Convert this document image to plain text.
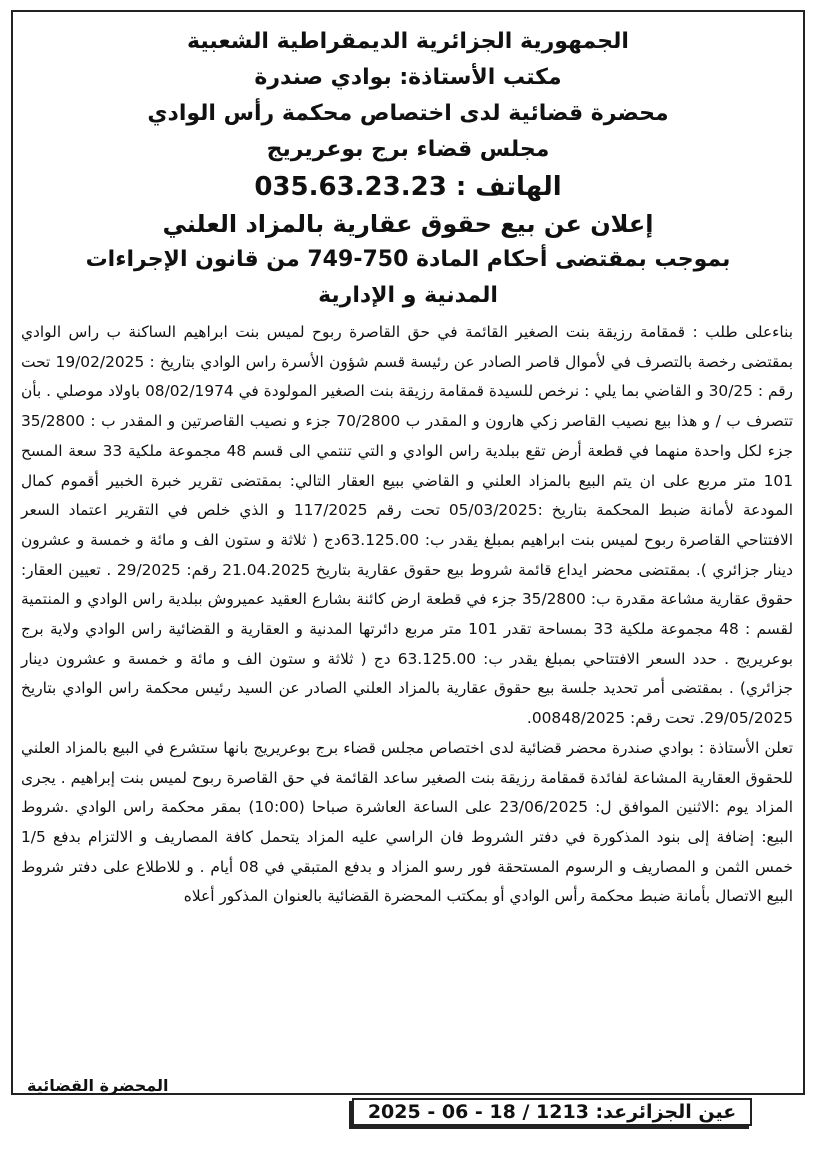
الجمهورية الجزائرية الديمقراطية الشعبية
مكتب الأستاذة: بوادي صندرة
محضرة قضائية لدى اختصاص محكمة رأس الوادي
مجلس قضاء برج بوعريريج
الهاتف : 035.63.23.23
إعلان عن بيع حقوق عقارية بالمزاد العلني
بموجب بمقتضى أحكام المادة 750-749 من قانون الإجراءات
المدنية و الإدارية

بناءعلى طلب : قمقامة رزيقة بنت الصغير القائمة في حق القاصرة ربوح لميس بنت ابراهيم الساكنة ب راس الوادي بمقتضى رخصة بالتصرف في لأموال قاصر الصادر عن رئيسة قسم شؤون الأسرة راس الوادي بتاريخ : 19/02/2025 تحت رقم : 30/25 و القاضي بما يلي : نرخص للسيدة قمقامة رزيقة بنت الصغير المولودة في 08/02/1974 باولاد موصلي . بأن تتصرف ب / و هذا بيع نصيب القاصر زكي هارون و المقدر ب 70/2800 جزء و نصيب القاصرتين و المقدر ب : 35/2800 جزء لكل واحدة منهما في قطعة أرض تقع ببلدية راس الوادي و التي تنتمي الى قسم 48 مجموعة ملكية 33 سعة المسح 101 متر مربع على ان يتم البيع بالمزاد العلني و القاضي ببيع العقار التالي: بمقتضى تقرير خبرة الخبير أقموم كمال المودعة لأمانة ضبط المحكمة بتاريخ :05/03/2025 تحت رقم 117/2025 و الذي خلص في التقرير اعتماد السعر الافتتاحي القاصرة ربوح لميس بنت ابراهيم بمبلغ يقدر ب: 63.125.00دج ( ثلاثة و ستون الف و مائة و خمسة و عشرون دينار جزائري ). بمقتضى محضر ايداع قائمة شروط بيع حقوق عقارية بتاريخ 21.04.2025 رقم: 29/2025 . تعيين العقار: حقوق عقارية مشاعة مقدرة ب: 35/2800 جزء في قطعة ارض كائنة بشارع العقيد عميروش ببلدية راس الوادي و المنتمية لقسم : 48 مجموعة ملكية 33 بمساحة تقدر 101 متر مربع دائرتها المدنية و العقارية و القضائية راس الوادي ولاية برج بوعريريج . حدد السعر الافتتاحي بمبلغ يقدر ب: 63.125.00 دج ( ثلاثة و ستون الف و مائة و خمسة و عشرون دينار جزائري) . بمقتضى أمر تحديد جلسة بيع حقوق عقارية بالمزاد العلني الصادر عن السيد رئيس محكمة راس الوادي بتاريخ 29/05/2025. تحت رقم: 00848/2025.

تعلن الأستاذة : بوادي صندرة محضر قضائية لدى اختصاص مجلس قضاء برج بوعريريج بانها ستشرع في البيع بالمزاد العلني للحقوق العقارية المشاعة لفائدة قمقامة رزيقة بنت الصغير ساعد القائمة في حق القاصرة ربوح لميس بنت إبراهيم . يجرى المزاد يوم :الاثنين الموافق ل: 23/06/2025 على الساعة العاشرة صباحا (10:00) بمقر محكمة راس الوادي .شروط البيع: إضافة إلى بنود المذكورة في دفتر الشروط فان الراسي عليه المزاد يتحمل كافة المصاريف و الالتزام بدفع 1/5 خمس الثمن و المصاريف و الرسوم المستحقة فور رسو المزاد و بدفع المتبقي في 08 أيام . و للاطلاع على دفتر شروط البيع الاتصال بأمانة ضبط محكمة رأس الوادي أو بمكتب المحضرة القضائية بالعنوان المذكور أعلاه

المحضرة القضائية
عين الجزائرعد: 1213 / 18 - 06 - 2025
